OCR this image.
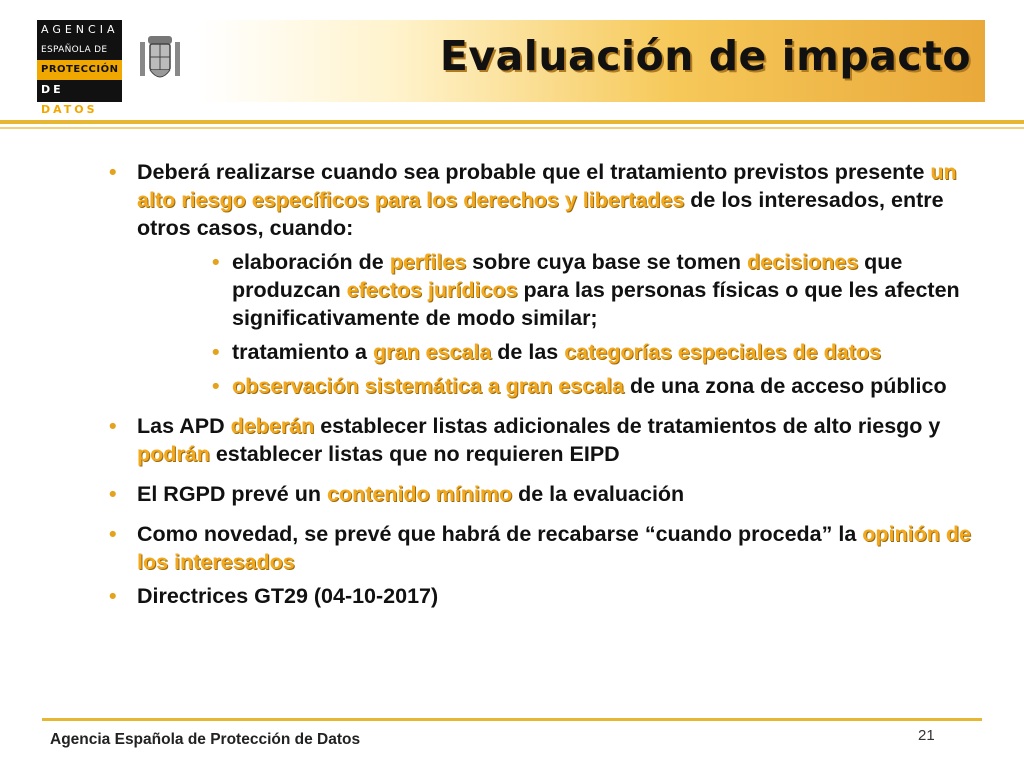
AGENCIA
ESPAÑOLA DE
PROTECCIÓN
DE DATOS
Evaluación de impacto
• Deberá realizarse cuando sea probable que el tratamiento previstos presente un alto riesgo específicos para los derechos y libertades de los interesados, entre otros casos, cuando:
• elaboración de perfiles sobre cuya base se tomen decisiones que produzcan efectos jurídicos para las personas físicas o que les afecten significativamente de modo similar;
• tratamiento a gran escala de las categorías especiales de datos
• observación sistemática a gran escala de una zona de acceso público
• Las APD deberán establecer listas adicionales de tratamientos de alto riesgo y podrán establecer listas que no requieren EIPD
• El RGPD prevé un contenido mínimo de la evaluación
• Como novedad, se prevé que habrá de recabarse “cuando proceda” la opinión de los interesados
• Directrices GT29 (04-10-2017)
Agencia Española de Protección de Datos	21
